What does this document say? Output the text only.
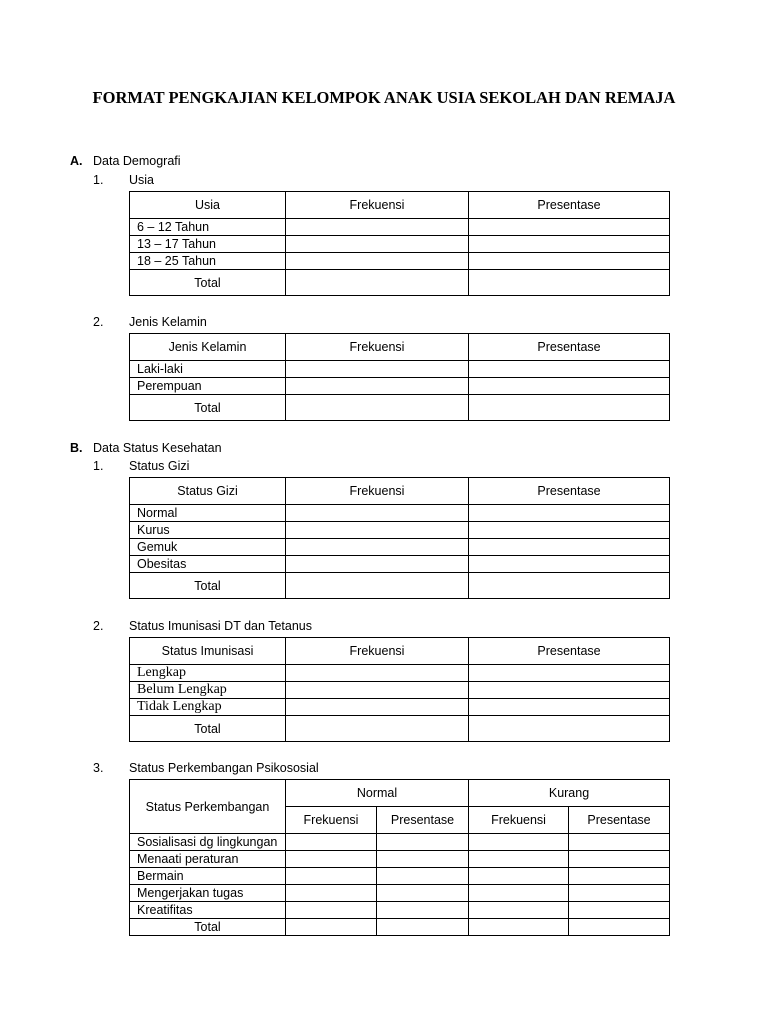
FORMAT PENGKAJIAN KELOMPOK ANAK USIA SEKOLAH DAN REMAJA
A. Data Demografi
1. Usia
Usia	Frekuensi	Presentase
6 – 12 Tahun		
13 – 17 Tahun		
18 – 25 Tahun		
Total		
2. Jenis Kelamin
Jenis Kelamin	Frekuensi	Presentase
Laki-laki		
Perempuan		
Total		
B. Data Status Kesehatan
1. Status Gizi
Status Gizi	Frekuensi	Presentase
Normal		
Kurus		
Gemuk		
Obesitas		
Total		
2. Status Imunisasi DT dan Tetanus
Status Imunisasi	Frekuensi	Presentase
Lengkap		
Belum Lengkap		
Tidak Lengkap		
Total		
3. Status Perkembangan Psikososial
Status Perkembangan	Normal		Kurang	
	Frekuensi	Presentase	Frekuensi	Presentase
Sosialisasi dg lingkungan				
Menaati peraturan				
Bermain				
Mengerjakan tugas				
Kreatifitas				
Total				
